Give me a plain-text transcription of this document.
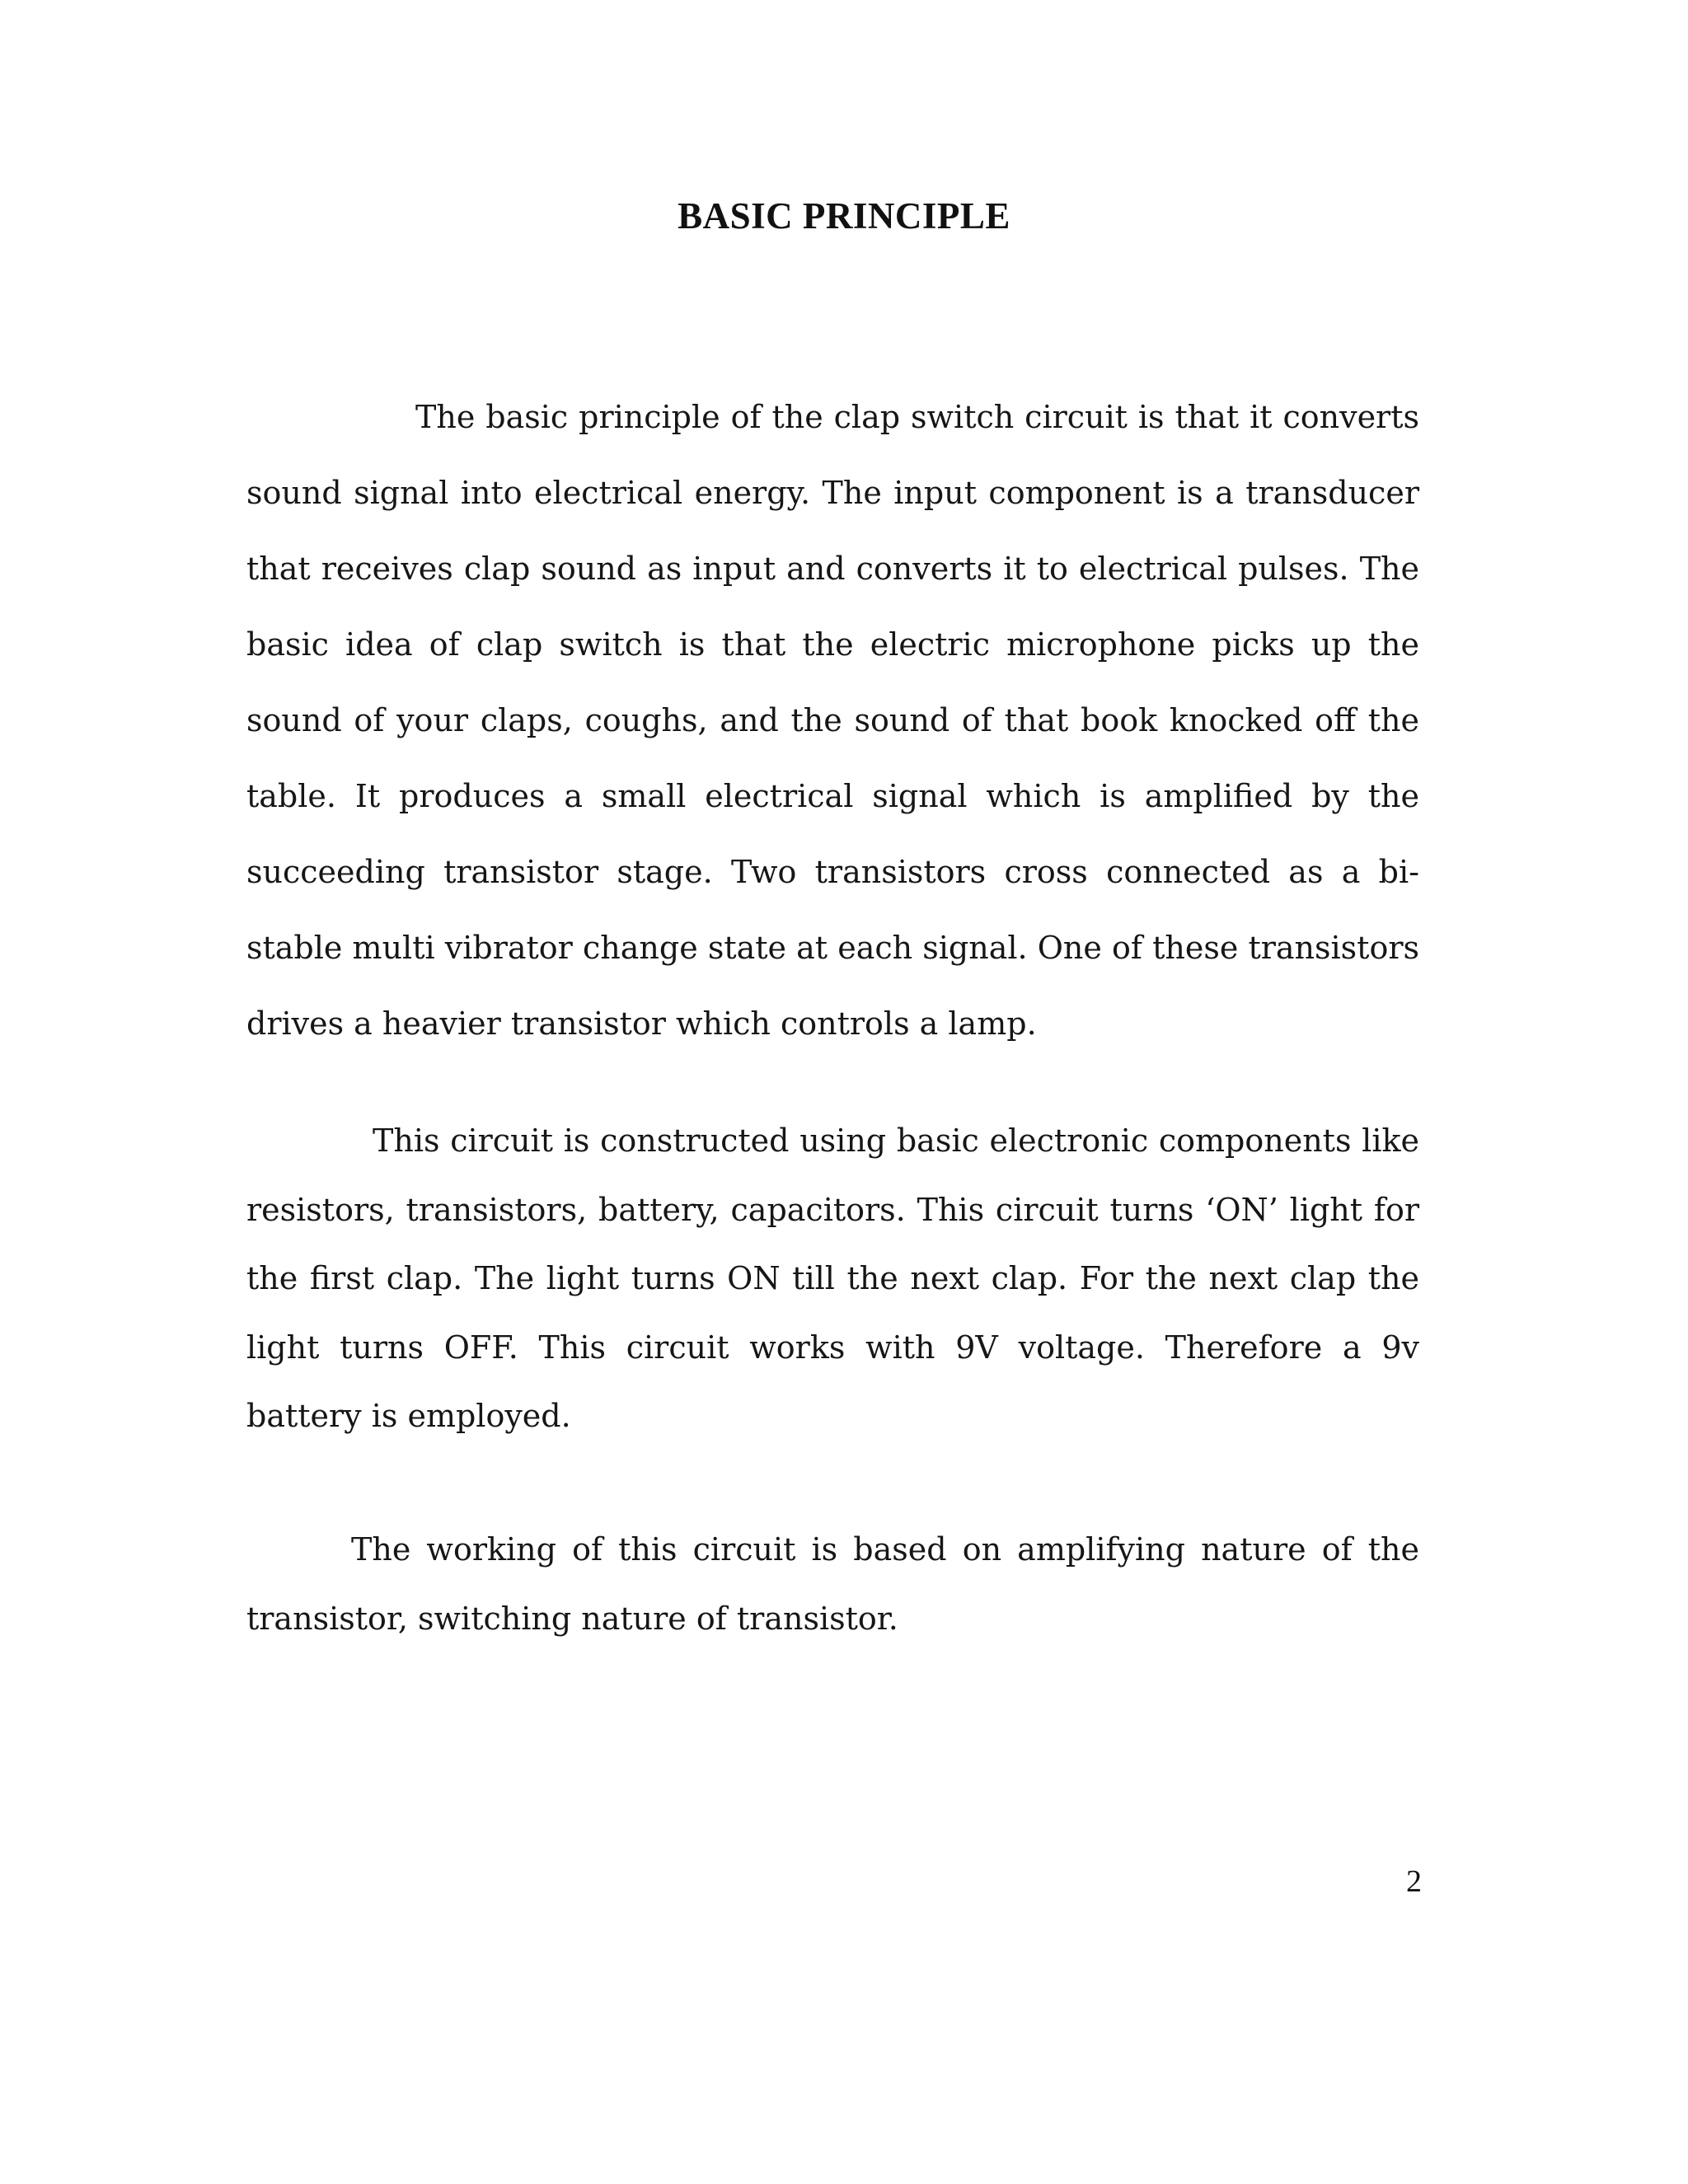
BASIC PRINCIPLE

The basic principle of the clap switch circuit is that it converts sound signal into electrical energy. The input component is a transducer that receives clap sound as input and converts it to electrical pulses. The basic idea of clap switch is that the electric microphone picks up the sound of your claps, coughs, and the sound of that book knocked off the table. It produces a small electrical signal which is amplified by the succeeding transistor stage. Two transistors cross connected as a bi-stable multi vibrator change state at each signal. One of these transistors drives a heavier transistor which controls a lamp.

This circuit is constructed using basic electronic components like resistors, transistors, battery, capacitors. This circuit turns ‘ON’ light for the first clap. The light turns ON till the next clap. For the next clap the light turns OFF. This circuit works with 9V voltage. Therefore a 9v battery is employed.

The working of this circuit is based on amplifying nature of the transistor, switching nature of transistor.

2
